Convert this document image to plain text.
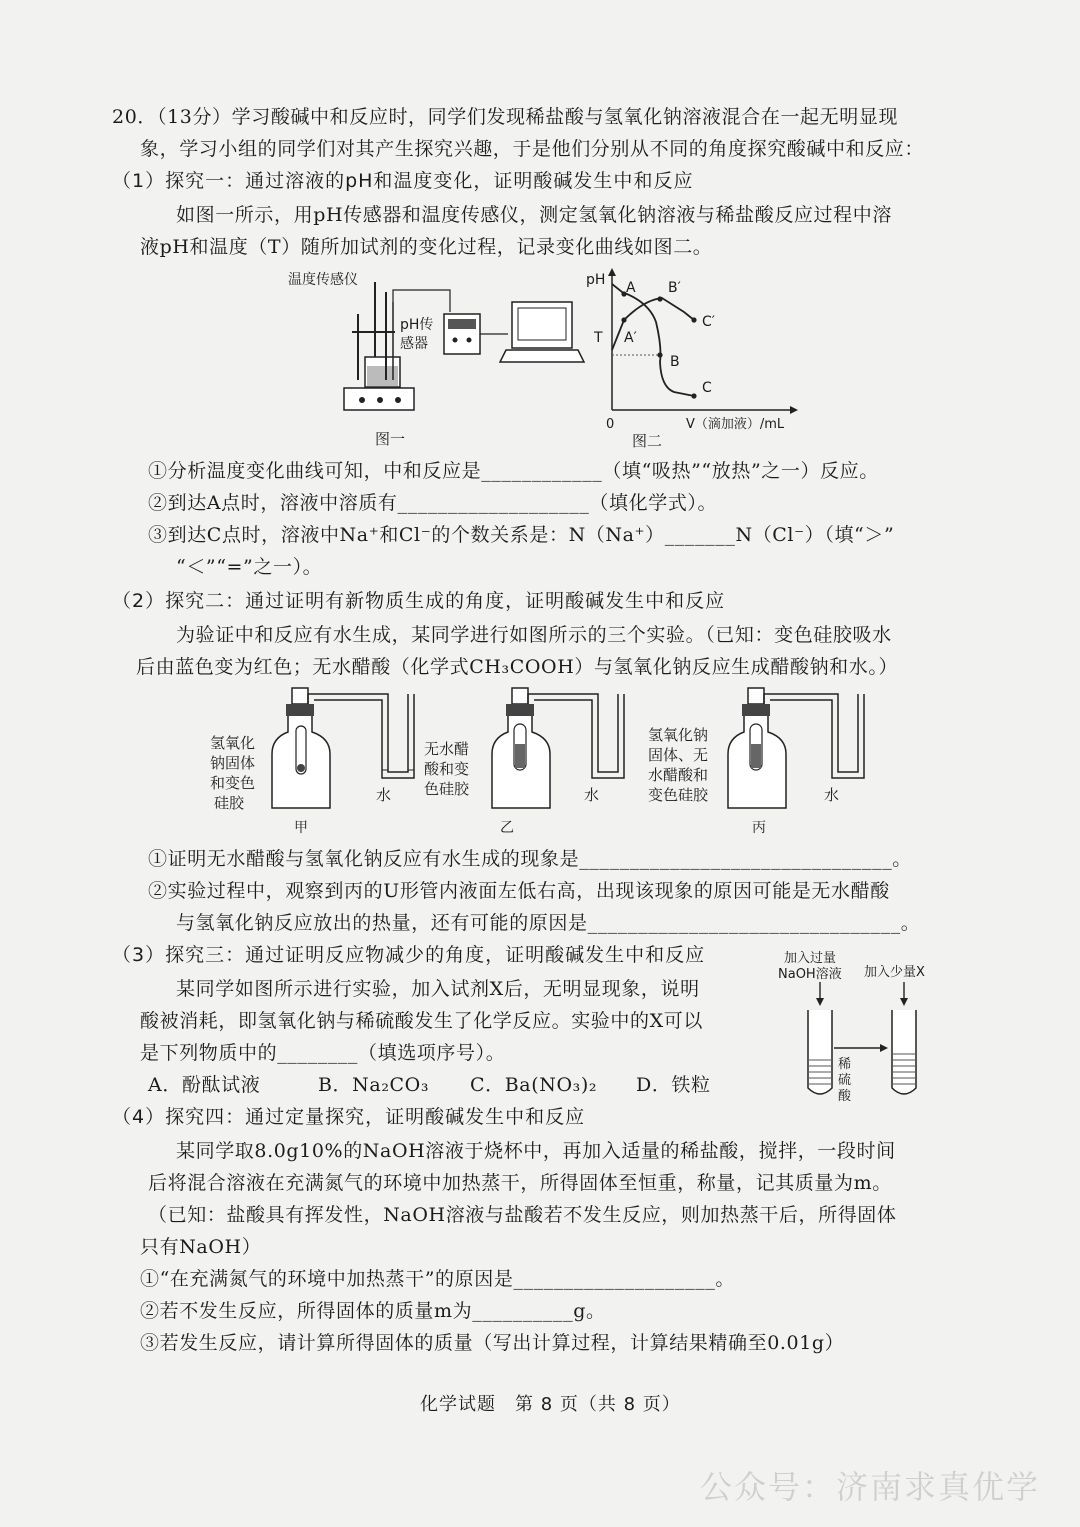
20．（13分）学习酸碱中和反应时，同学们发现稀盐酸与氢氧化钠溶液混合在一起无明显现
象，学习小组的同学们对其产生探究兴趣，于是他们分别从不同的角度探究酸碱中和反应：
（1）探究一：通过溶液的pH和温度变化，证明酸碱发生中和反应
如图一所示，用pH传感器和温度传感仪，测定氢氧化钠溶液与稀盐酸反应过程中溶
液pH和温度（T）随所加试剂的变化过程，记录变化曲线如图二。
温度传感仪
pH传
感器
图一
pH
T
0	V（滴加液）/mL
A
A′
B
B′
C
C′
图二
①分析温度变化曲线可知，中和反应是____________（填“吸热”“放热”之一）反应。
②到达A点时，溶液中溶质有___________________（填化学式）。
③到达C点时，溶液中Na⁺和Cl⁻的个数关系是：N（Na⁺）_______N（Cl⁻）（填“＞”
“＜”“=”之一）。
（2）探究二：通过证明有新物质生成的角度，证明酸碱发生中和反应
为验证中和反应有水生成，某同学进行如图所示的三个实验。（已知：变色硅胶吸水
后由蓝色变为红色；无水醋酸（化学式CH₃COOH）与氢氧化钠反应生成醋酸钠和水。）
氢氧化
钠固体
和变色
硅胶	水
甲
无水醋
酸和变
色硅胶	水
乙
氢氧化钠
固体、无
水醋酸和
变色硅胶	水
丙
①证明无水醋酸与氢氧化钠反应有水生成的现象是_______________________________。
②实验过程中，观察到丙的U形管内液面左低右高，出现该现象的原因可能是无水醋酸
与氢氧化钠反应放出的热量，还有可能的原因是_______________________________。
（3）探究三：通过证明反应物减少的角度，证明酸碱发生中和反应
某同学如图所示进行实验，加入试剂X后，无明显现象，说明
酸被消耗，即氢氧化钠与稀硫酸发生了化学反应。实验中的X可以
是下列物质中的________（填选项序号）。
A．酚酞试液	B．Na₂CO₃ C．Ba(NO₃)₂ D．铁粒
加入过量
NaOH溶液 加入少量X
稀
硫
酸
（4）探究四：通过定量探究，证明酸碱发生中和反应
某同学取8.0g10%的NaOH溶液于烧杯中，再加入适量的稀盐酸，搅拌，一段时间
后将混合溶液在充满氮气的环境中加热蒸干，所得固体至恒重，称量，记其质量为m。
（已知：盐酸具有挥发性，NaOH溶液与盐酸若不发生反应，则加热蒸干后，所得固体
只有NaOH）
①“在充满氮气的环境中加热蒸干”的原因是____________________。
②若不发生反应，所得固体的质量m为__________g。
③若发生反应，请计算所得固体的质量（写出计算过程，计算结果精确至0.01g）
化学试题　第 8 页（共 8 页）
公众号：济南求真优学
